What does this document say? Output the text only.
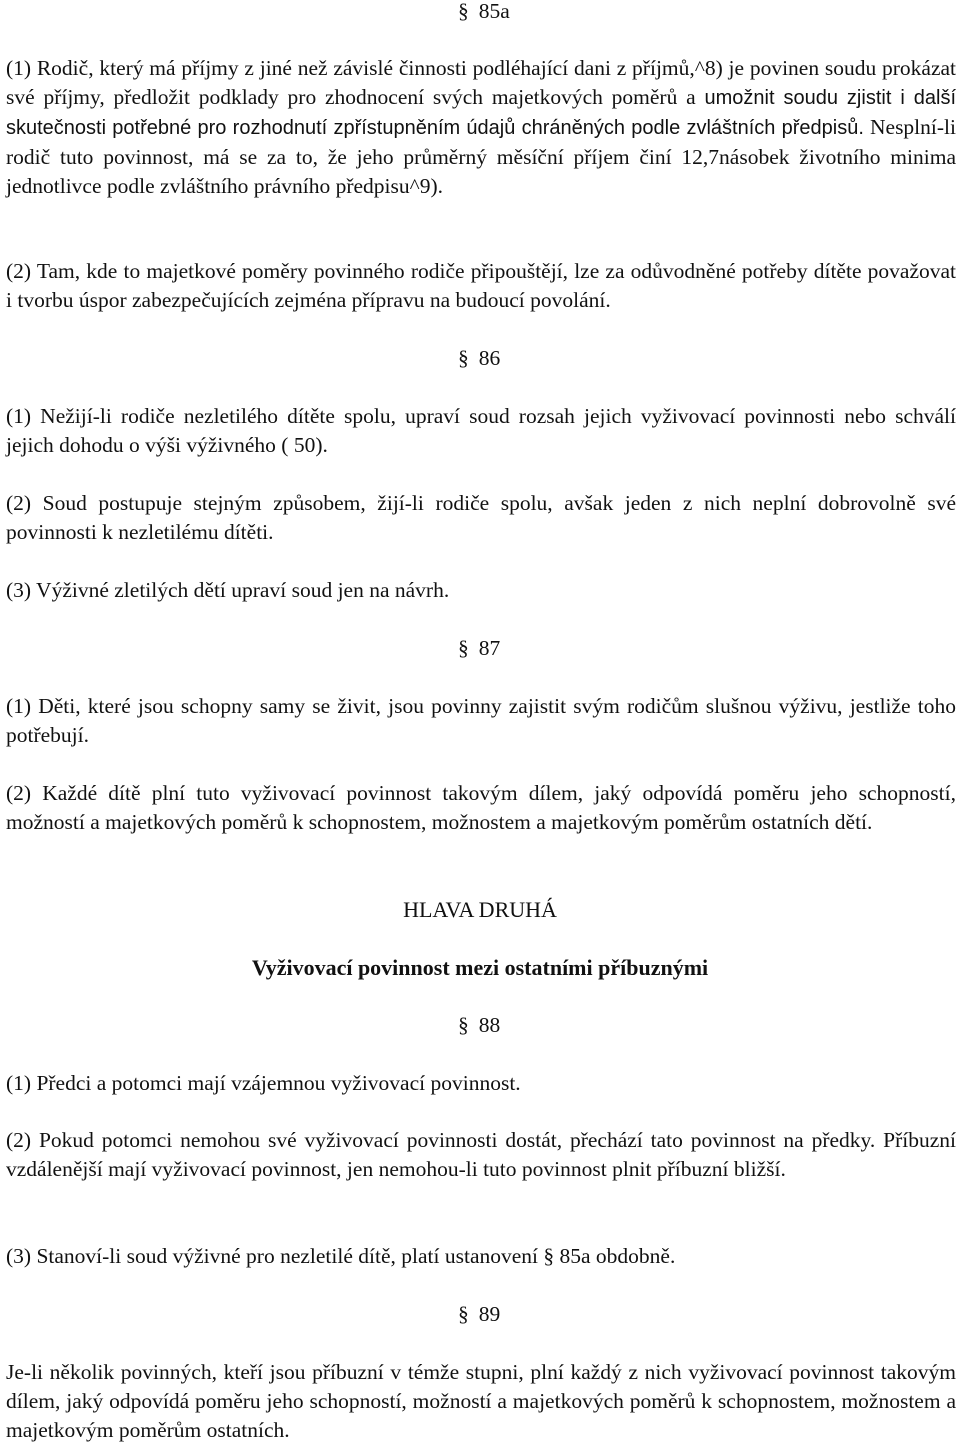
§ 85a

(1) Rodič, který má příjmy z jiné než závislé činnosti podléhající dani z příjmů,^8) je povinen soudu prokázat své příjmy, předložit podklady pro zhodnocení svých majetkových poměrů a umožnit soudu zjistit i další skutečnosti potřebné pro rozhodnutí zpřístupněním údajů chráněných podle zvláštních předpisů. Nesplní-li rodič tuto povinnost, má se za to, že jeho průměrný měsíční příjem činí 12,7násobek životního minima jednotlivce podle zvláštního právního předpisu^9).

(2) Tam, kde to majetkové poměry povinného rodiče připouštějí, lze za odůvodněné potřeby dítěte považovat i tvorbu úspor zabezpečujících zejména přípravu na budoucí povolání.

§ 86

(1) Nežijí-li rodiče nezletilého dítěte spolu, upraví soud rozsah jejich vyživovací povinnosti nebo schválí jejich dohodu o výši výživného ( 50).

(2) Soud postupuje stejným způsobem, žijí-li rodiče spolu, avšak jeden z nich neplní dobrovolně své povinnosti k nezletilému dítěti.

(3) Výživné zletilých dětí upraví soud jen na návrh.

§ 87

(1) Děti, které jsou schopny samy se živit, jsou povinny zajistit svým rodičům slušnou výživu, jestliže toho potřebují.

(2) Každé dítě plní tuto vyživovací povinnost takovým dílem, jaký odpovídá poměru jeho schopností, možností a majetkových poměrů k schopnostem, možnostem a majetkovým poměrům ostatních dětí.

HLAVA DRUHÁ
Vyživovací povinnost mezi ostatními příbuznými
§ 88

(1) Předci a potomci mají vzájemnou vyživovací povinnost.

(2) Pokud potomci nemohou své vyživovací povinnosti dostát, přechází tato povinnost na předky. Příbuzní vzdálenější mají vyživovací povinnost, jen nemohou-li tuto povinnost plnit příbuzní bližší.

(3) Stanoví-li soud výživné pro nezletilé dítě, platí ustanovení § 85a obdobně.

§ 89

Je-li několik povinných, kteří jsou příbuzní v témže stupni, plní každý z nich vyživovací povinnost takovým dílem, jaký odpovídá poměru jeho schopností, možností a majetkových poměrů k schopnostem, možnostem a majetkovým poměrům ostatních.
